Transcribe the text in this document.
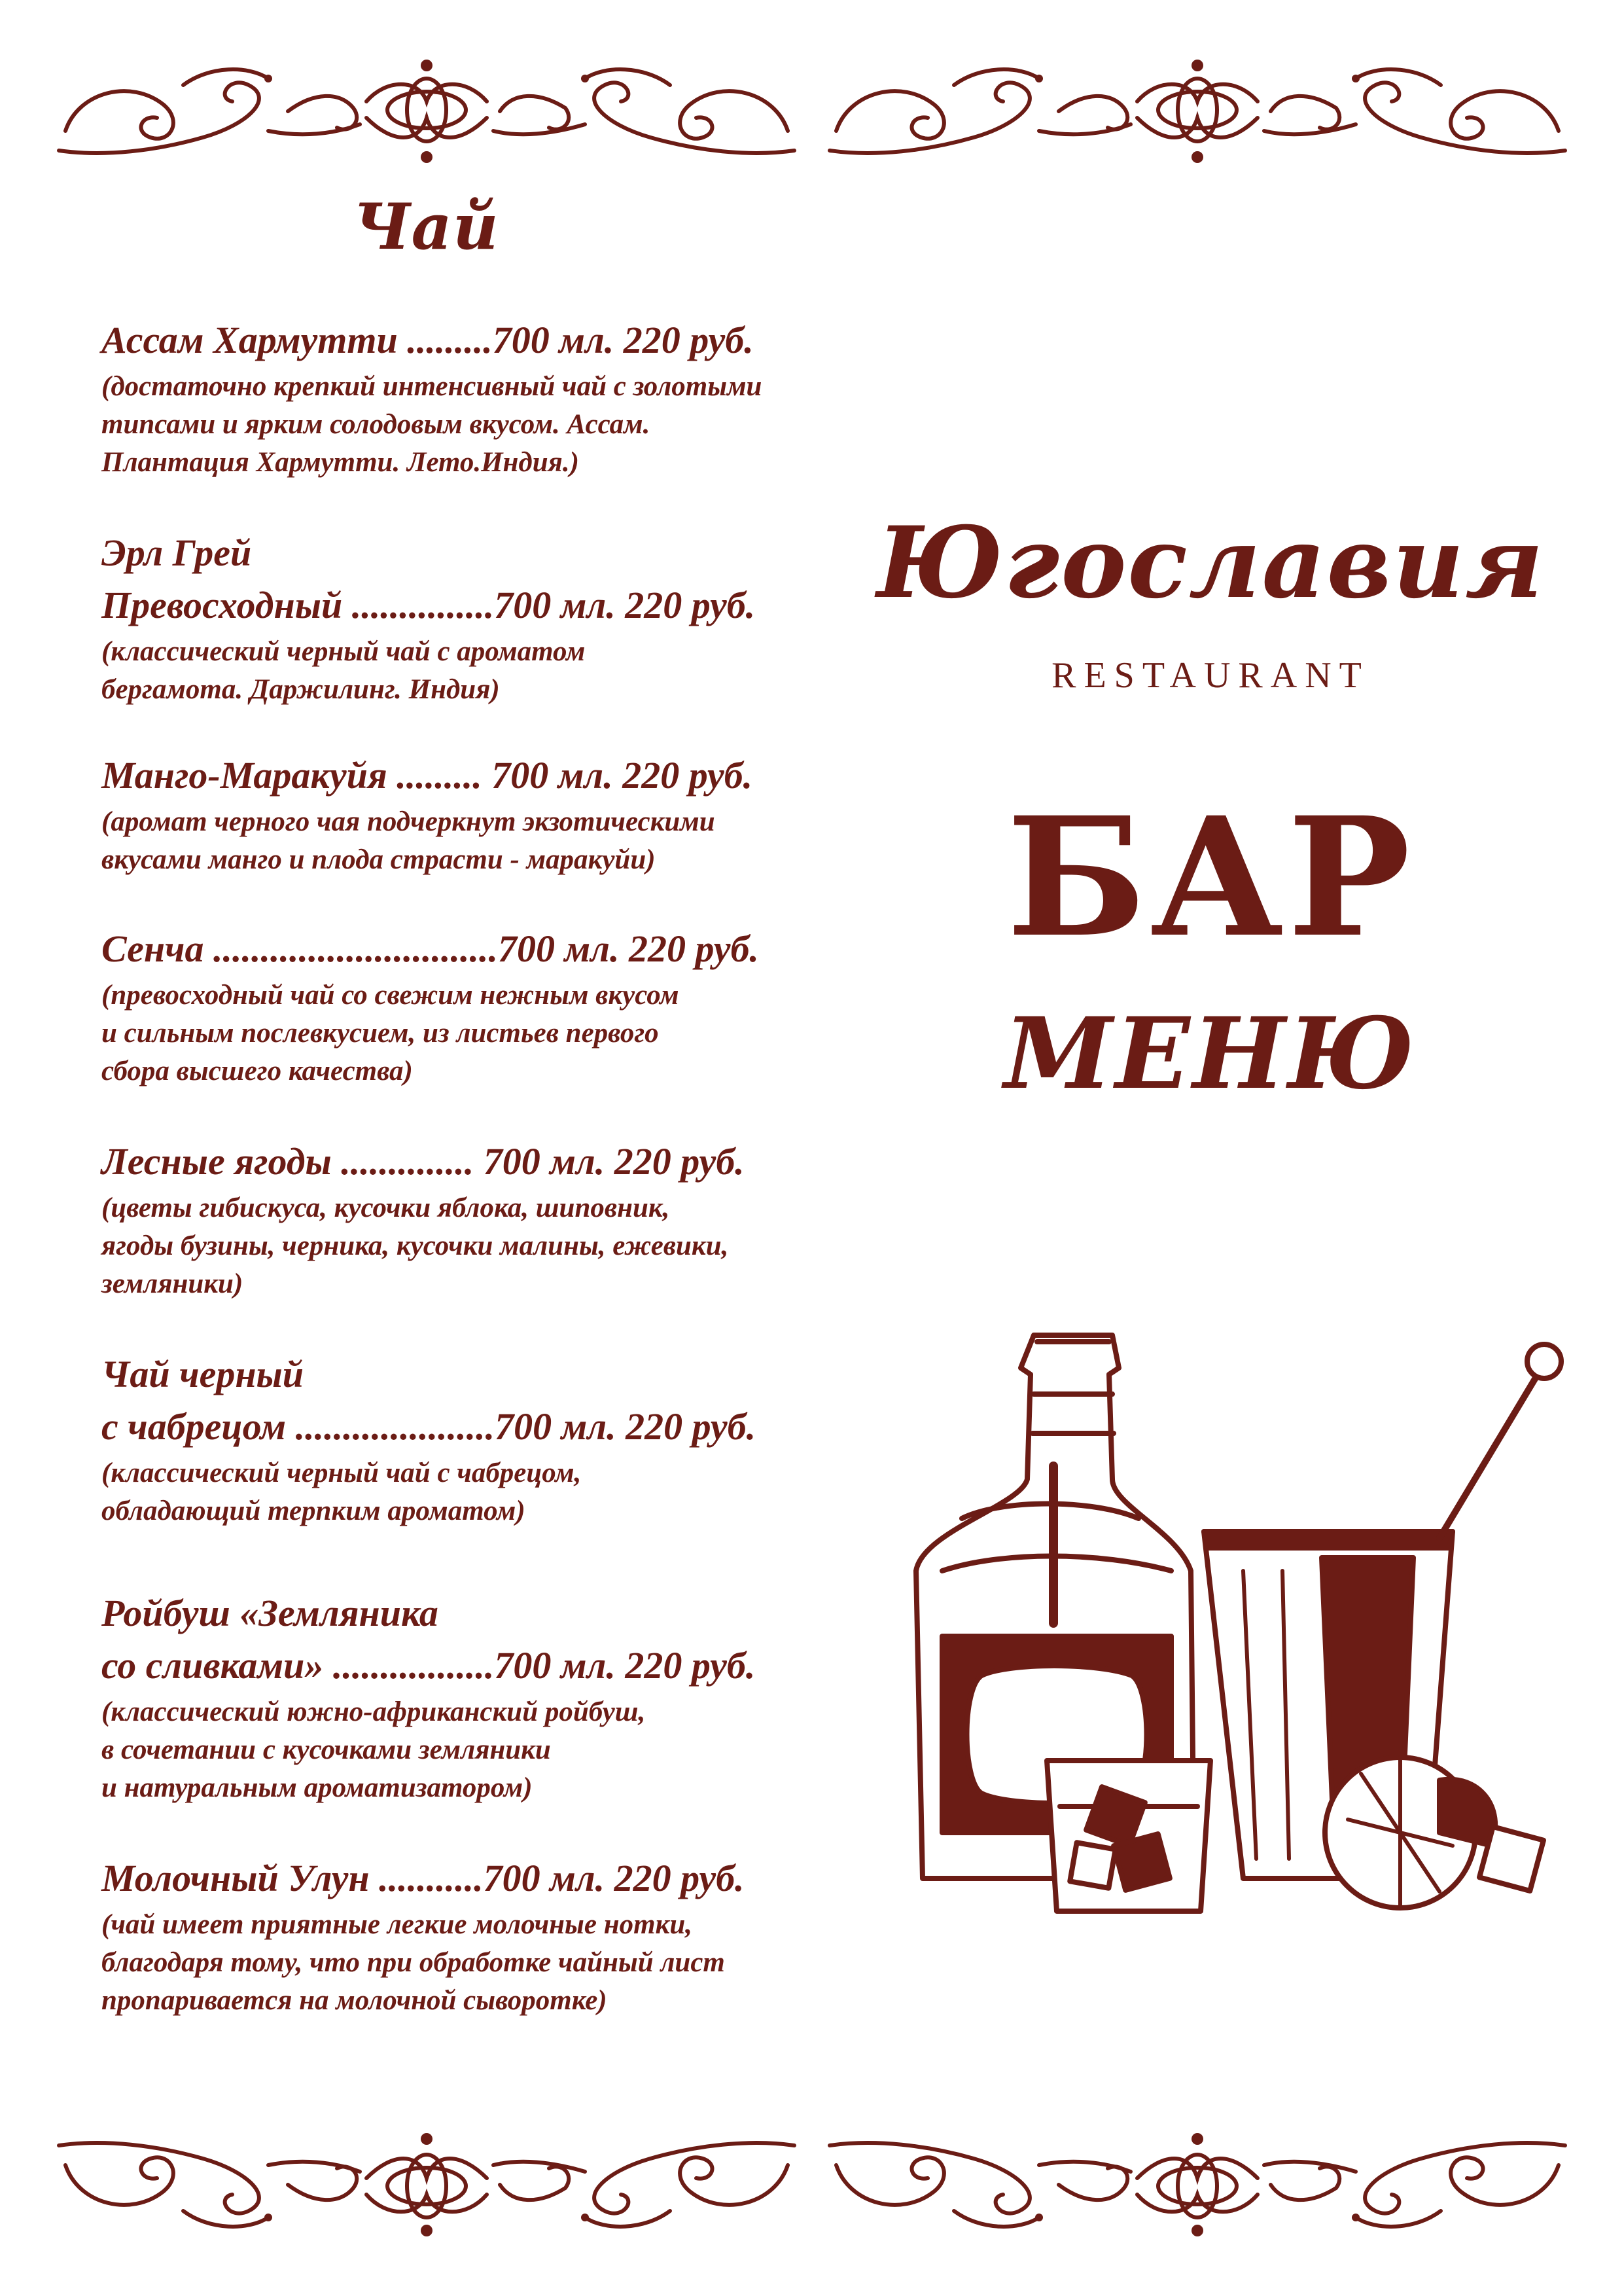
Чай
Ассам Хармутти .........700 мл. 220 руб.
(достаточно крепкий интенсивный чай с золотыми
типсами и ярким солодовым вкусом. Ассам.
Плантация Хармутти. Лето.Индия.)
Эрл Грей
Превосходный ...............700 мл. 220 руб.
(классический черный чай с ароматом
бергамота. Даржилинг. Индия)
Манго-Маракуйя ......... 700 мл. 220 руб.
(аромат черного чая подчеркнут экзотическими
вкусами манго и плода страсти - маракуйи)
Сенча ..............................700 мл. 220 руб.
(превосходный чай со свежим нежным вкусом
и сильным послевкусием, из листьев первого
сбора высшего качества)
Лесные ягоды .............. 700 мл. 220 руб.
(цветы гибискуса, кусочки яблока, шиповник,
ягоды бузины, черника, кусочки малины, ежевики,
земляники)
Чай черный
с чабрецом .....................700 мл. 220 руб.
(классический черный чай с чабрецом,
обладающий терпким ароматом)
Ройбуш «Земляника
со сливками» .................700 мл. 220 руб.
(классический южно-африканский ройбуш,
в сочетании с кусочками земляники
и натуральным ароматизатором)
Молочный Улун ...........700 мл. 220 руб.
(чай имеет приятные легкие молочные нотки,
благодаря тому, что при обработке чайный лист
пропаривается на молочной сыворотке)
Югославия
RESTAURANT
БАР
МЕНЮ
